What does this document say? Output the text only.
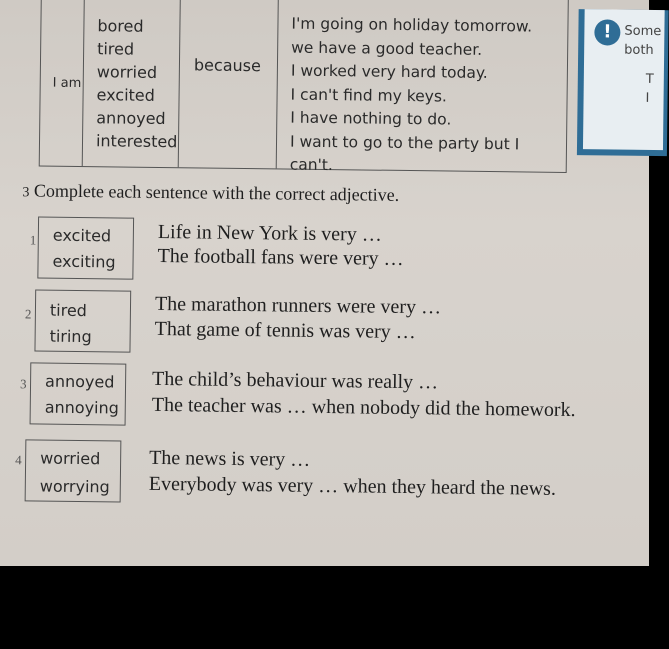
I am
bored
tired
worried
excited
annoyed
interested
because
I'm going on holiday tomorrow.
we have a good teacher.
I worked very hard today.
I can't find my keys.
I have nothing to do.
I want to go to the party but I can't.
! Some
both
T
I
3 Complete each sentence with the correct adjective.
1 excited
exciting
Life in New York is very …
The football fans were very …
2 tired
tiring
The marathon runners were very …
That game of tennis was very …
3 annoyed
annoying
The child’s behaviour was really …
The teacher was … when nobody did the homework.
4 worried
worrying
The news is very …
Everybody was very … when they heard the news.
